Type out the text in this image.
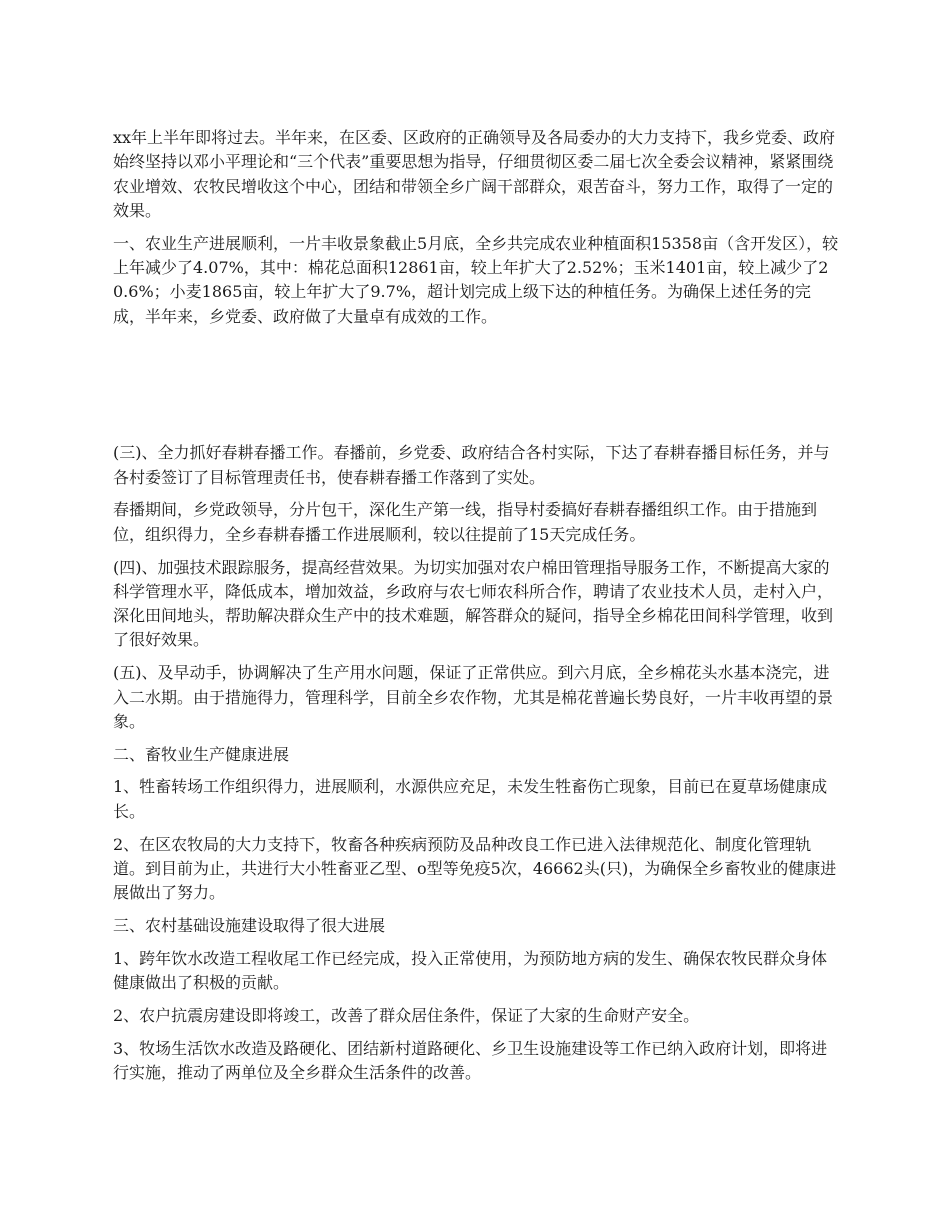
xx年上半年即将过去。半年来，在区委、区政府的正确领导及各局委办的大力支持下，我乡党委、政府始终坚持以邓小平理论和“三个代表”重要思想为指导，仔细贯彻区委二届七次全委会议精神，紧紧围绕农业增效、农牧民增收这个中心，团结和带领全乡广阔干部群众，艰苦奋斗，努力工作，取得了一定的效果。

一、农业生产进展顺利，一片丰收景象截止5月底，全乡共完成农业种植面积15358亩（含开发区），较上年减少了4.07%，其中：棉花总面积12861亩，较上年扩大了2.52%；玉米1401亩，较上减少了20.6%；小麦1865亩，较上年扩大了9.7%，超计划完成上级下达的种植任务。为确保上述任务的完成，半年来，乡党委、政府做了大量卓有成效的工作。

(三)、全力抓好春耕春播工作。春播前，乡党委、政府结合各村实际，下达了春耕春播目标任务，并与各村委签订了目标管理责任书，使春耕春播工作落到了实处。

春播期间，乡党政领导，分片包干，深化生产第一线，指导村委搞好春耕春播组织工作。由于措施到位，组织得力，全乡春耕春播工作进展顺利，较以往提前了15天完成任务。

(四)、加强技术跟踪服务，提高经营效果。为切实加强对农户棉田管理指导服务工作，不断提高大家的科学管理水平，降低成本，增加效益，乡政府与农七师农科所合作，聘请了农业技术人员，走村入户，深化田间地头，帮助解决群众生产中的技术难题，解答群众的疑问，指导全乡棉花田间科学管理，收到了很好效果。

(五)、及早动手，协调解决了生产用水问题，保证了正常供应。到六月底，全乡棉花头水基本浇完，进入二水期。由于措施得力，管理科学，目前全乡农作物，尤其是棉花普遍长势良好，一片丰收再望的景象。

二、畜牧业生产健康进展

1、牲畜转场工作组织得力，进展顺利，水源供应充足，未发生牲畜伤亡现象，目前已在夏草场健康成长。

2、在区农牧局的大力支持下，牧畜各种疾病预防及品种改良工作已进入法律规范化、制度化管理轨道。到目前为止，共进行大小牲畜亚乙型、o型等免疫5次，46662头(只)，为确保全乡畜牧业的健康进展做出了努力。

三、农村基础设施建设取得了很大进展

1、跨年饮水改造工程收尾工作已经完成，投入正常使用，为预防地方病的发生、确保农牧民群众身体健康做出了积极的贡献。

2、农户抗震房建设即将竣工，改善了群众居住条件，保证了大家的生命财产安全。

3、牧场生活饮水改造及路硬化、团结新村道路硬化、乡卫生设施建设等工作已纳入政府计划，即将进行实施，推动了两单位及全乡群众生活条件的改善。
